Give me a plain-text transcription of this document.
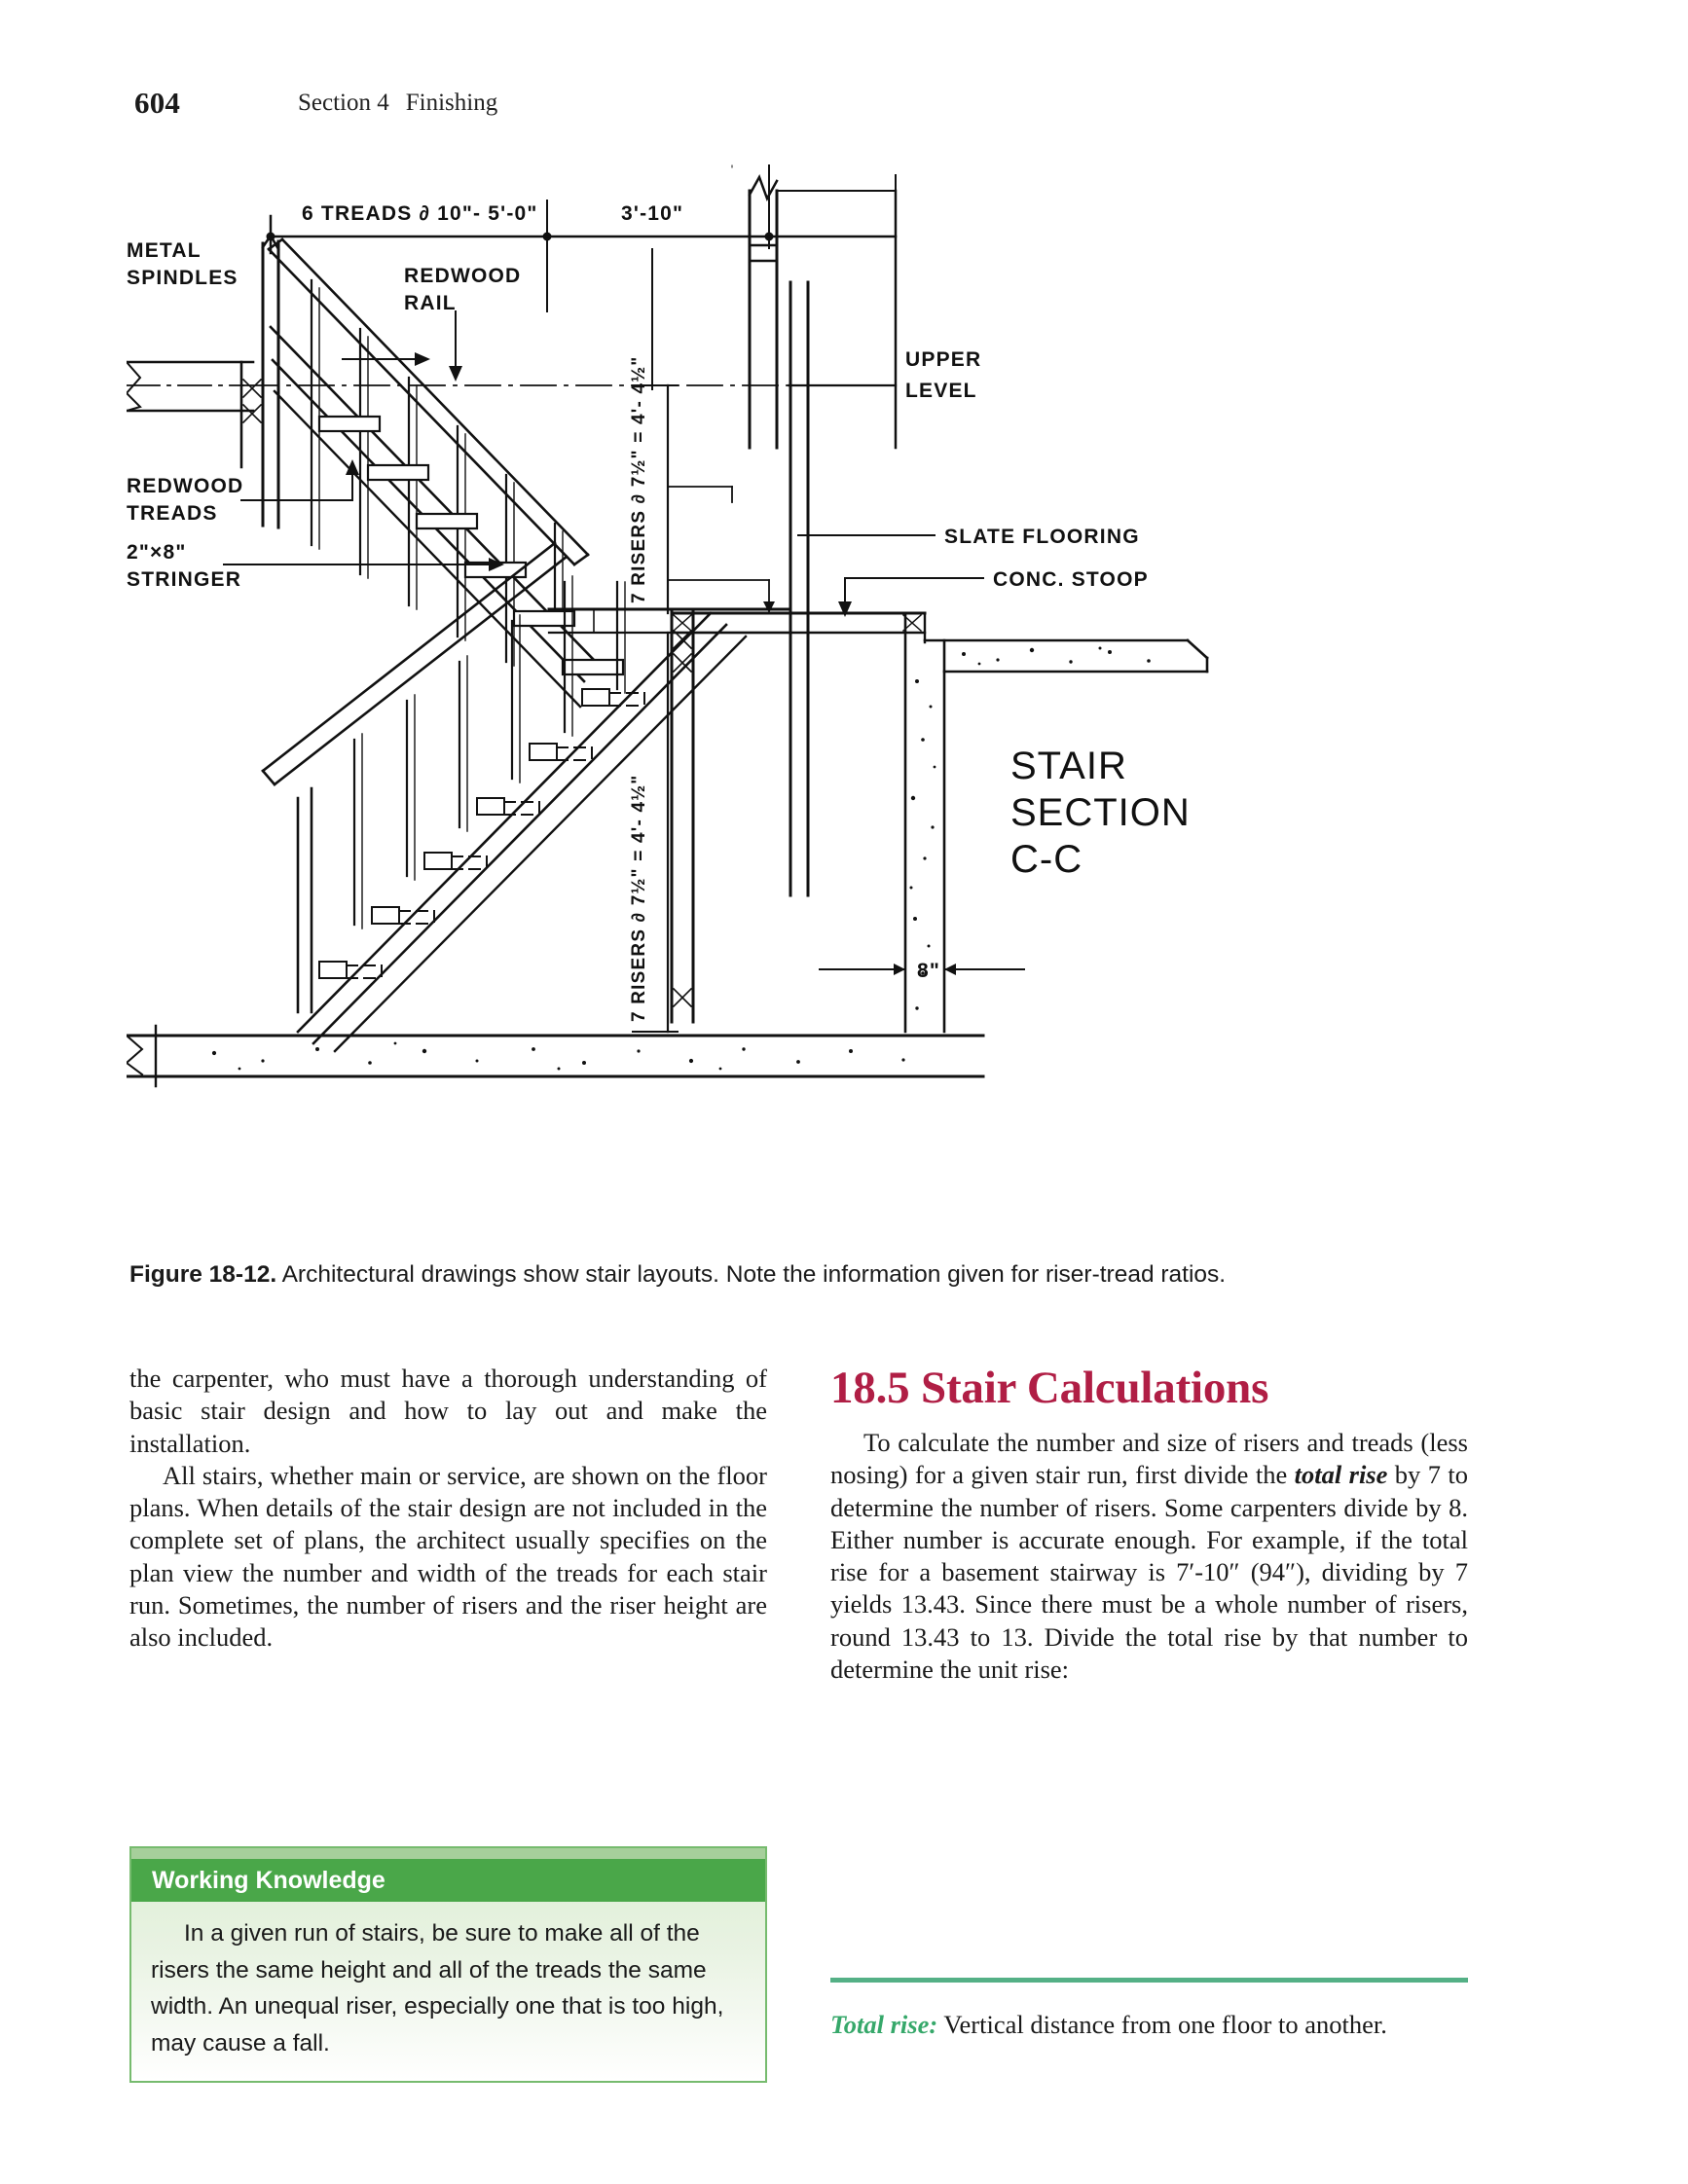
604	Section 4 Finishing
6 TREADS ∂ 10"- 5'-0"	3'-10"
METAL
SPINDLES	REDWOOD
RAIL
REDWOOD
TREADS
2"×8"
STRINGER
UPPER
LEVEL
SLATE FLOORING
CONC. STOOP
8"
7 RISERS ∂ 7½" = 4'- 4½"
7 RISERS ∂ 7½" = 4'- 4½"
STAIR
SECTION
C-C
Figure 18-12. Architectural drawings show stair layouts. Note the information given for riser-tread ratios.

the carpenter, who must have a thorough understanding of basic stair design and how to lay out and make the installation.

All stairs, whether main or service, are shown on the floor plans. When details of the stair design are not included in the complete set of plans, the architect usually specifies on the plan view the number and width of the treads for each stair run. Sometimes, the number of risers and the riser height are also included.

Working Knowledge
In a given run of stairs, be sure to make all of the risers the same height and all of the treads the same width. An unequal riser, especially one that is too high, may cause a fall.
18.5 Stair Calculations

To calculate the number and size of risers and treads (less nosing) for a given stair run, first divide the total rise by 7 to determine the number of risers. Some carpenters divide by 8. Either number is accurate enough. For example, if the total rise for a basement stairway is 7′-10″ (94″), dividing by 7 yields 13.43. Since there must be a whole number of risers, round 13.43 to 13. Divide the total rise by that number to determine the unit rise:

Total rise: Vertical distance from one floor to another.
